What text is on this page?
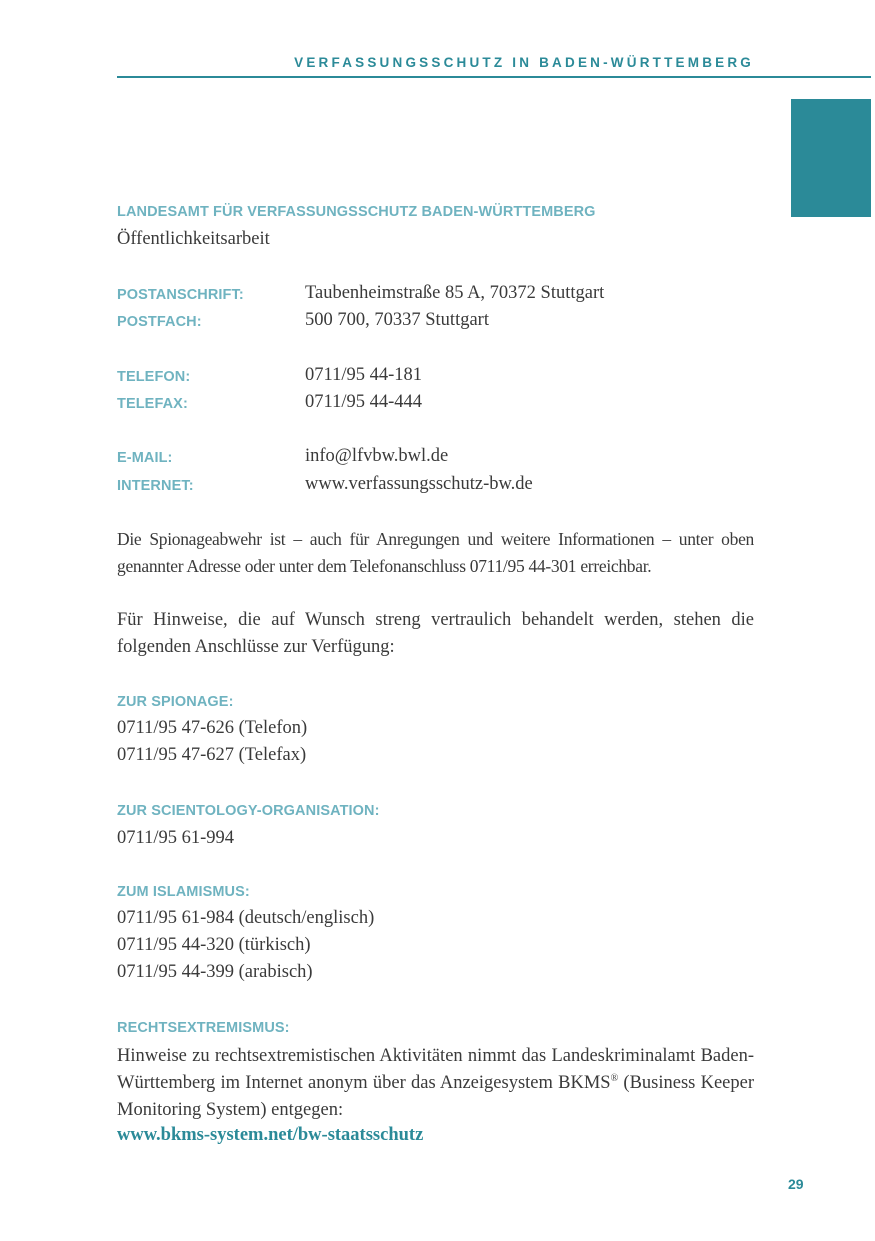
VERFASSUNGSSCHUTZ IN BADEN-WÜRTTEMBERG
LANDESAMT FÜR VERFASSUNGSSCHUTZ BADEN-WÜRTTEMBERG
Öffentlichkeitsarbeit
POSTANSCHRIFT:	Taubenheimstraße 85 A, 70372 Stuttgart
POSTFACH:	500 700, 70337 Stuttgart
TELEFON:	0711/95 44-181
TELEFAX:	0711/95 44-444
E-MAIL:	info@lfvbw.bwl.de
INTERNET:	www.verfassungsschutz-bw.de
Die Spionageabwehr ist – auch für Anregungen und weitere Informationen – unter oben genannter Adresse oder unter dem Telefonanschluss 0711/95 44-301 erreichbar.
Für Hinweise, die auf Wunsch streng vertraulich behandelt werden, stehen die folgenden Anschlüsse zur Verfügung:
ZUR SPIONAGE:
0711/95 47-626 (Telefon)
0711/95 47-627 (Telefax)
ZUR SCIENTOLOGY-ORGANISATION:
0711/95 61-994
ZUM ISLAMISMUS:
0711/95 61-984 (deutsch/englisch)
0711/95 44-320 (türkisch)
0711/95 44-399 (arabisch)
RECHTSEXTREMISMUS:
Hinweise zu rechtsextremistischen Aktivitäten nimmt das Landeskriminalamt Baden-Württemberg im Internet anonym über das Anzeigesystem BKMS® (Business Keeper Monitoring System) entgegen:
www.bkms-system.net/bw-staatsschutz
29
